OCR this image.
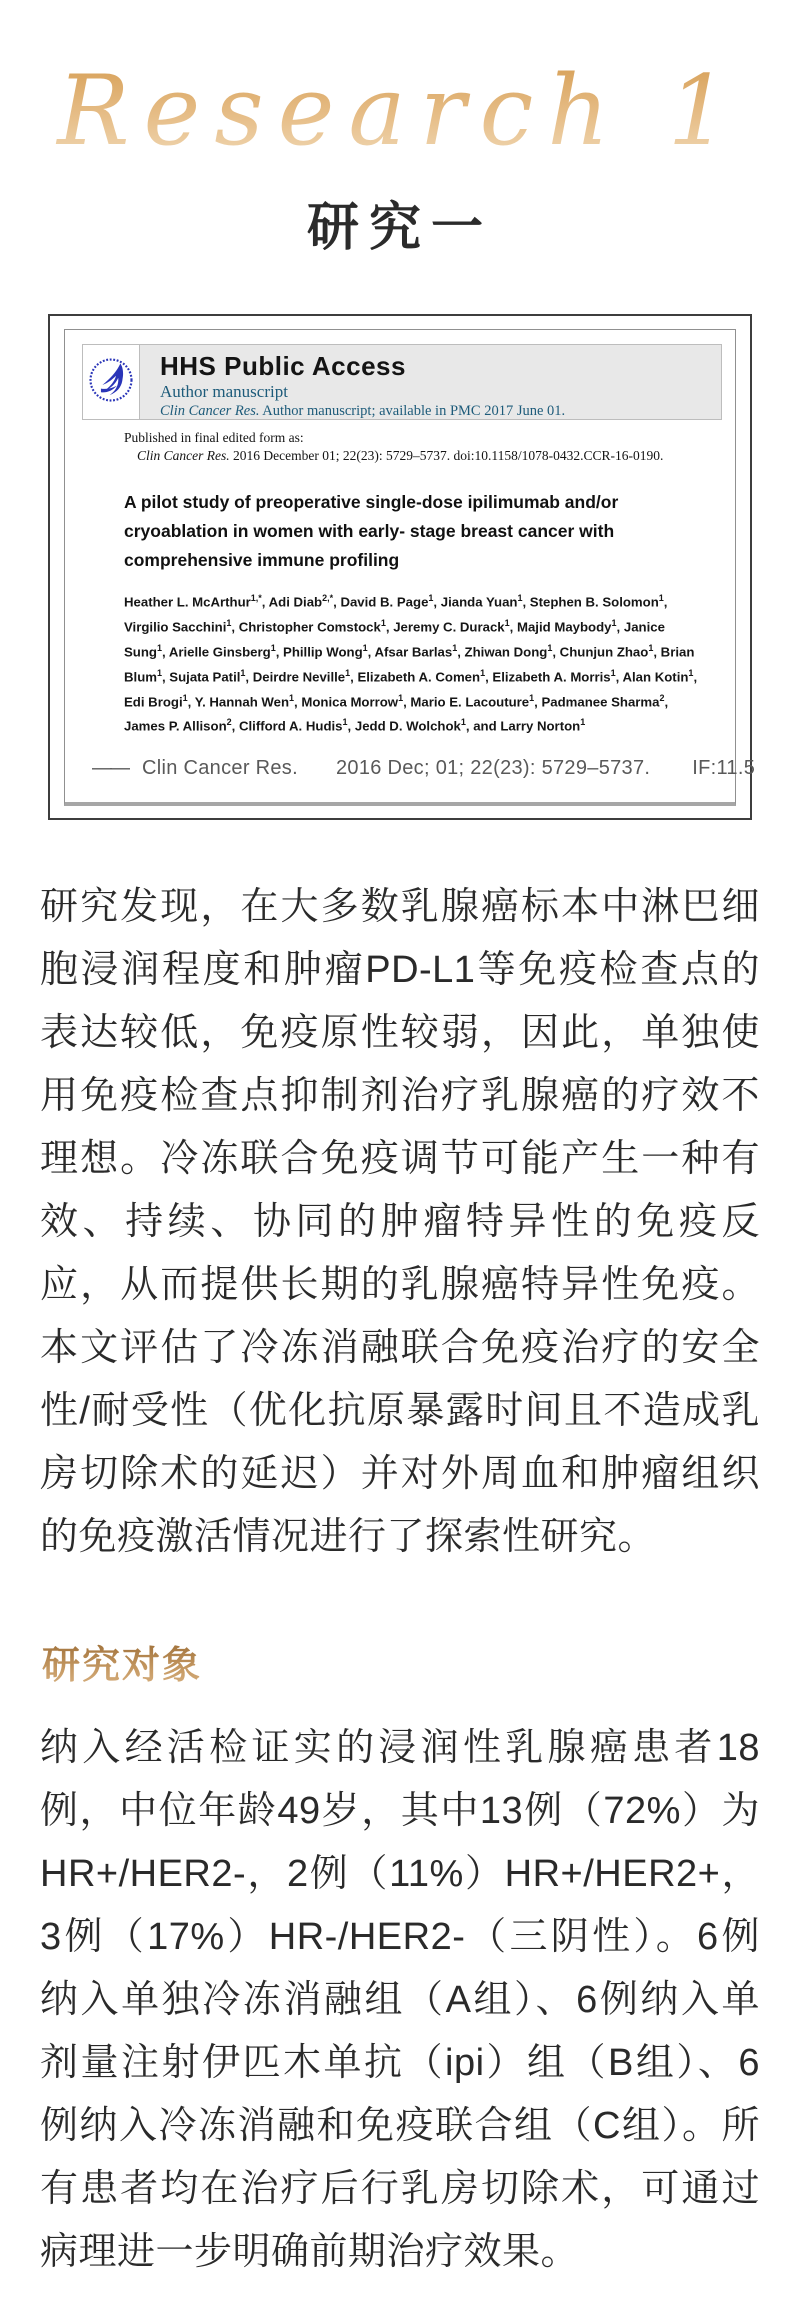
Research 1
研究一
HHS Public Access
Author manuscript
Clin Cancer Res. Author manuscript; available in PMC 2017 June 01.
Published in final edited form as:
Clin Cancer Res. 2016 December 01; 22(23): 5729–5737. doi:10.1158/1078-0432.CCR-16-0190.
A pilot study of preoperative single-dose ipilimumab and/or cryoablation in women with early- stage breast cancer with comprehensive immune profiling
Heather L. McArthur$^{1,*}$, Adi Diab$^{2,*}$, David B. Page$^1$, Jianda Yuan$^1$, Stephen B. Solomon$^1$, Virgilio Sacchini$^1$, Christopher Comstock$^1$, Jeremy C. Durack$^1$, Majid Maybody$^1$, Janice Sung$^1$, Arielle Ginsberg$^1$, Phillip Wong$^1$, Afsar Barlas$^1$, Zhiwan Dong$^1$, Chunjun Zhao$^1$, Brian Blum$^1$, Sujata Patil$^1$, Deirdre Neville$^1$, Elizabeth A. Comen$^1$, Elizabeth A. Morris$^1$, Alan Kotin$^1$, Edi Brogi$^1$, Y. Hannah Wen$^1$, Monica Morrow$^1$, Mario E. Lacouture$^1$, Padmanee Sharma$^2$, James P. Allison$^2$, Clifford A. Hudis$^1$, Jedd D. Wolchok$^1$, and Larry Norton$^1$
—— Clin Cancer Res. 2016 Dec; 01; 22(23): 5729–5737. IF:11.5
研究发现，在大多数乳腺癌标本中淋巴细胞浸润程度和肿瘤PD-L1等免疫检查点的表达较低，免疫原性较弱，因此，单独使用免疫检查点抑制剂治疗乳腺癌的疗效不理想。冷冻联合免疫调节可能产生一种有效、持续、协同的肿瘤特异性的免疫反应，从而提供长期的乳腺癌特异性免疫。本文评估了冷冻消融联合免疫治疗的安全性/耐受性（优化抗原暴露时间且不造成乳房切除术的延迟）并对外周血和肿瘤组织的免疫激活情况进行了探索性研究。
研究对象
纳入经活检证实的浸润性乳腺癌患者18例，中位年龄49岁，其中13例（72%）为HR+/HER2-，2例（11%）HR+/HER2+，3例（17%）HR-/HER2-（三阴性）。6例纳入单独冷冻消融组（A组）、6例纳入单剂量注射伊匹木单抗（ipi）组（B组）、6例纳入冷冻消融和免疫联合组（C组）。所有患者均在治疗后行乳房切除术，可通过病理进一步明确前期治疗效果。
